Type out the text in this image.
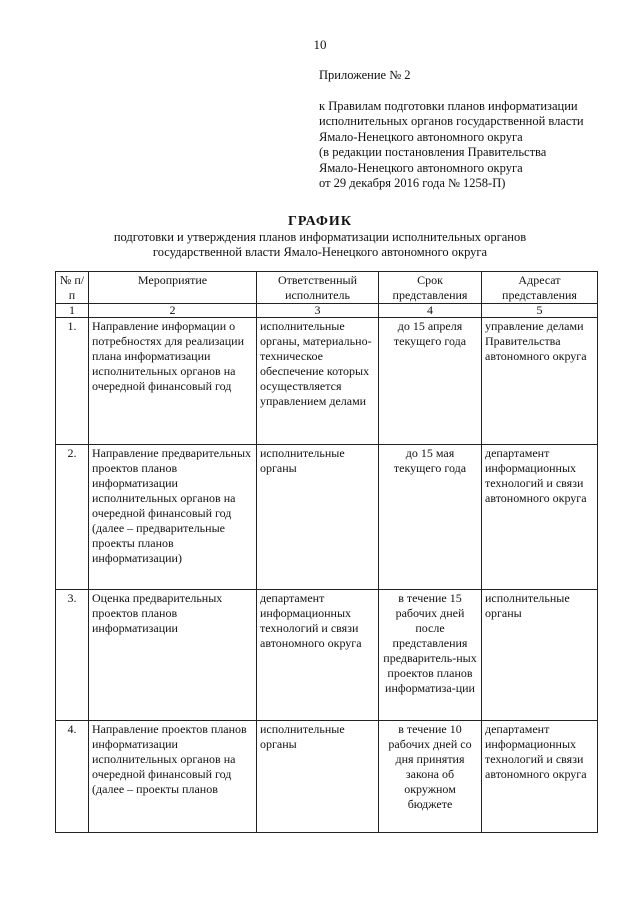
10
Приложение № 2
к Правилам подготовки планов информатизации
исполнительных органов государственной власти
Ямало-Ненецкого автономного округа
(в редакции постановления Правительства
Ямало-Ненецкого автономного округа
от 29 декабря 2016 года № 1258-П)
ГРАФИК
подготовки и утверждения планов информатизации исполнительных органов
государственной власти Ямало-Ненецкого автономного округа
№ п/п	Мероприятие	Ответственный исполнитель	Срок представления	Адресат представления
1	2	3	4	5
1.	Направление информации о потребностях для реализации плана информатизации исполнительных органов на очередной финансовый год	исполнительные органы, материально-техническое обеспечение которых осуществляется управлением делами	до 15 апреля текущего года	управление делами Правительства автономного округа
2.	Направление предварительных проектов планов информатизации исполнительных органов на очередной финансовый год (далее – предварительные проекты планов информатизации)	исполнительные органы	до 15 мая текущего года	департамент информационных технологий и связи автономного округа
3.	Оценка предварительных проектов планов информатизации	департамент информационных технологий и связи автономного округа	в течение 15 рабочих дней после представления предваритель-ных проектов планов информатиза-ции	исполнительные органы
4.	Направление проектов планов информатизации исполнительных органов на очередной финансовый год (далее – проекты планов	исполнительные органы	в течение 10 рабочих дней со дня принятия закона об окружном бюджете	департамент информационных технологий и связи автономного округа
